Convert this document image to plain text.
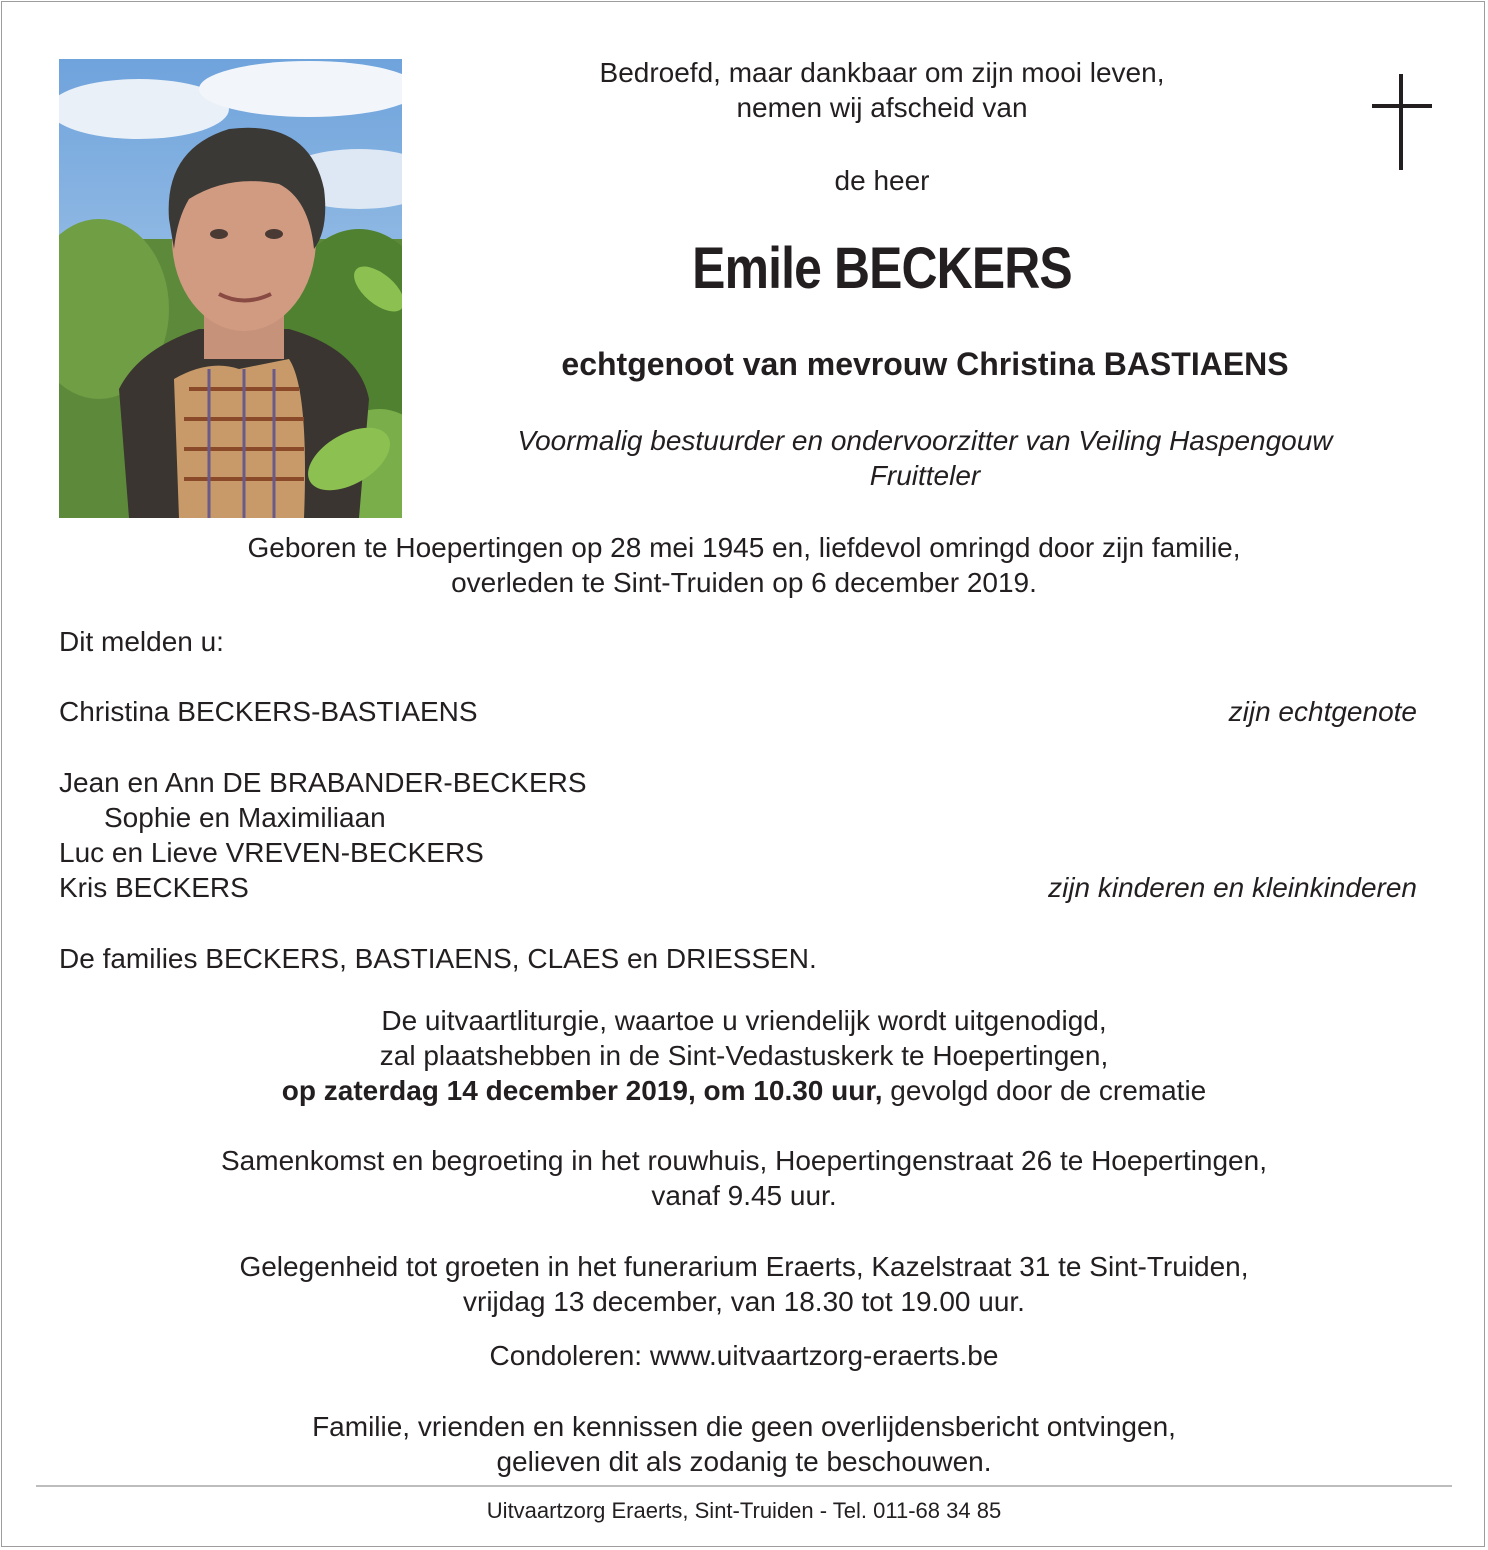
Bedroefd, maar dankbaar om zijn mooi leven,
nemen wij afscheid van
de heer
Emile BECKERS
echtgenoot van mevrouw Christina BASTIAENS
Voormalig bestuurder en ondervoorzitter van Veiling Haspengouw
Fruitteler
Geboren te Hoepertingen op 28 mei 1945 en, liefdevol omringd door zijn familie,
overleden te Sint-Truiden op 6 december 2019.
Dit melden u:
Christina BECKERS-BASTIAENS	zijn echtgenote
Jean en Ann DE BRABANDER-BECKERS
Sophie en Maximiliaan
Luc en Lieve VREVEN-BECKERS
Kris BECKERS	zijn kinderen en kleinkinderen
De families BECKERS, BASTIAENS, CLAES en DRIESSEN.
De uitvaartliturgie, waartoe u vriendelijk wordt uitgenodigd,
zal plaatshebben in de Sint-Vedastuskerk te Hoepertingen,
op zaterdag 14 december 2019, om 10.30 uur, gevolgd door de crematie
Samenkomst en begroeting in het rouwhuis, Hoepertingenstraat 26 te Hoepertingen,
vanaf 9.45 uur.
Gelegenheid tot groeten in het funerarium Eraerts, Kazelstraat 31 te Sint-Truiden,
vrijdag 13 december, van 18.30 tot 19.00 uur.
Condoleren: www.uitvaartzorg-eraerts.be
Familie, vrienden en kennissen die geen overlijdensbericht ontvingen,
gelieven dit als zodanig te beschouwen.
Uitvaartzorg Eraerts, Sint-Truiden - Tel. 011-68 34 85
